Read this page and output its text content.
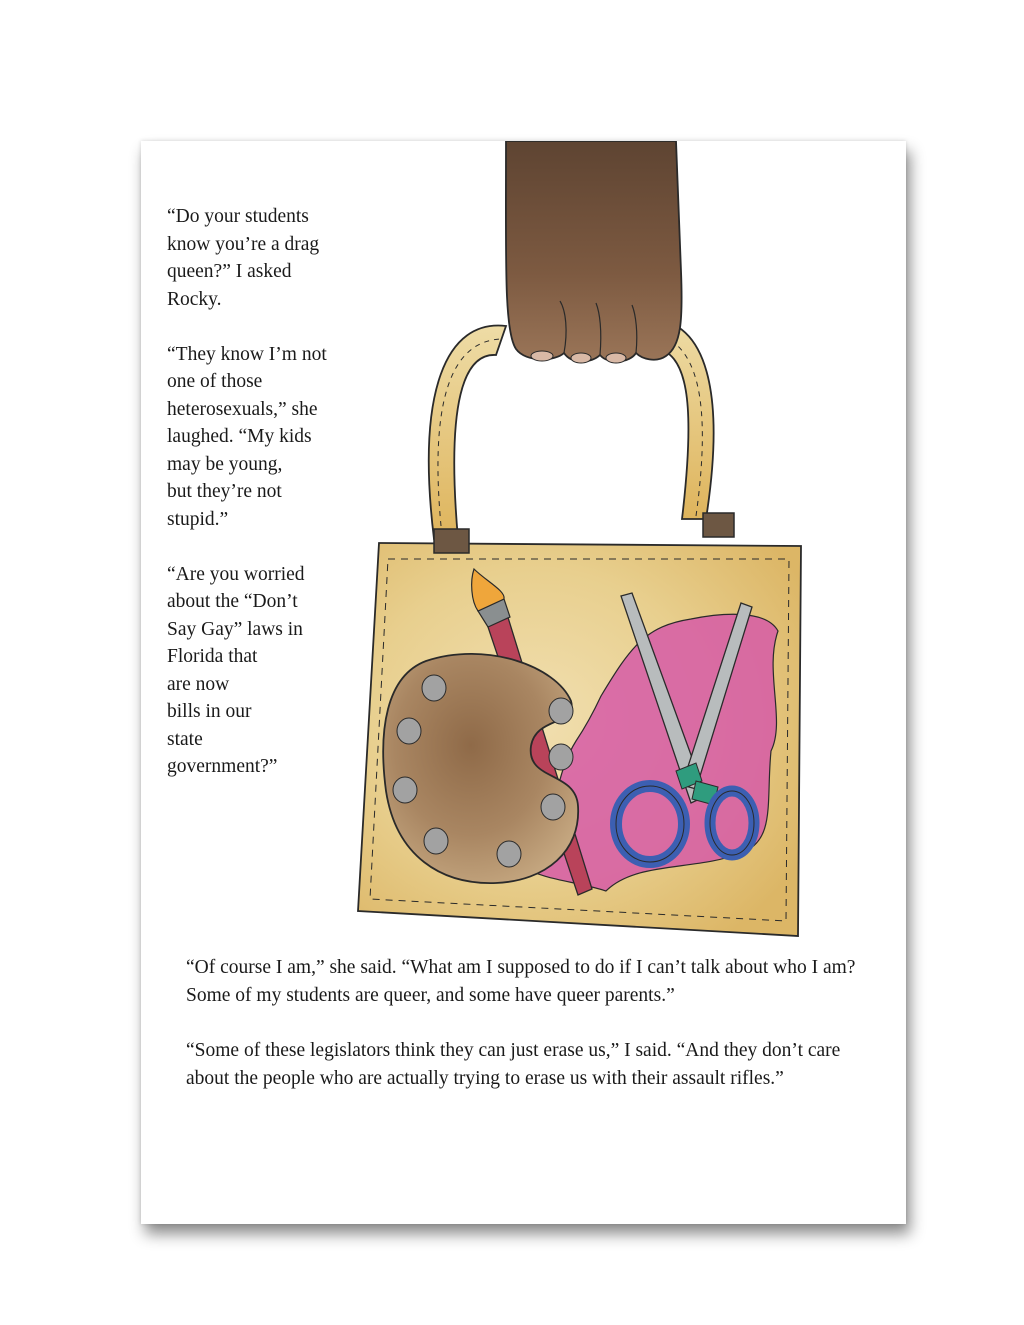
“Do your students
know you’re a drag
queen?” I asked
Rocky.

“They know I’m not
one of those
heterosexuals,” she
laughed. “My kids
may be young,
but they’re not
stupid.”

“Are you worried
about the “Don’t
Say Gay” laws in
Florida that
are now
bills in our
state
government?”

“Of course I am,” she said. “What am I supposed to do if I can’t talk about who I am? Some of my students are queer, and some have queer parents.”

“Some of these legislators think they can just erase us,” I said. “And they don’t care about the people who are actually trying to erase us with their assault rifles.”
